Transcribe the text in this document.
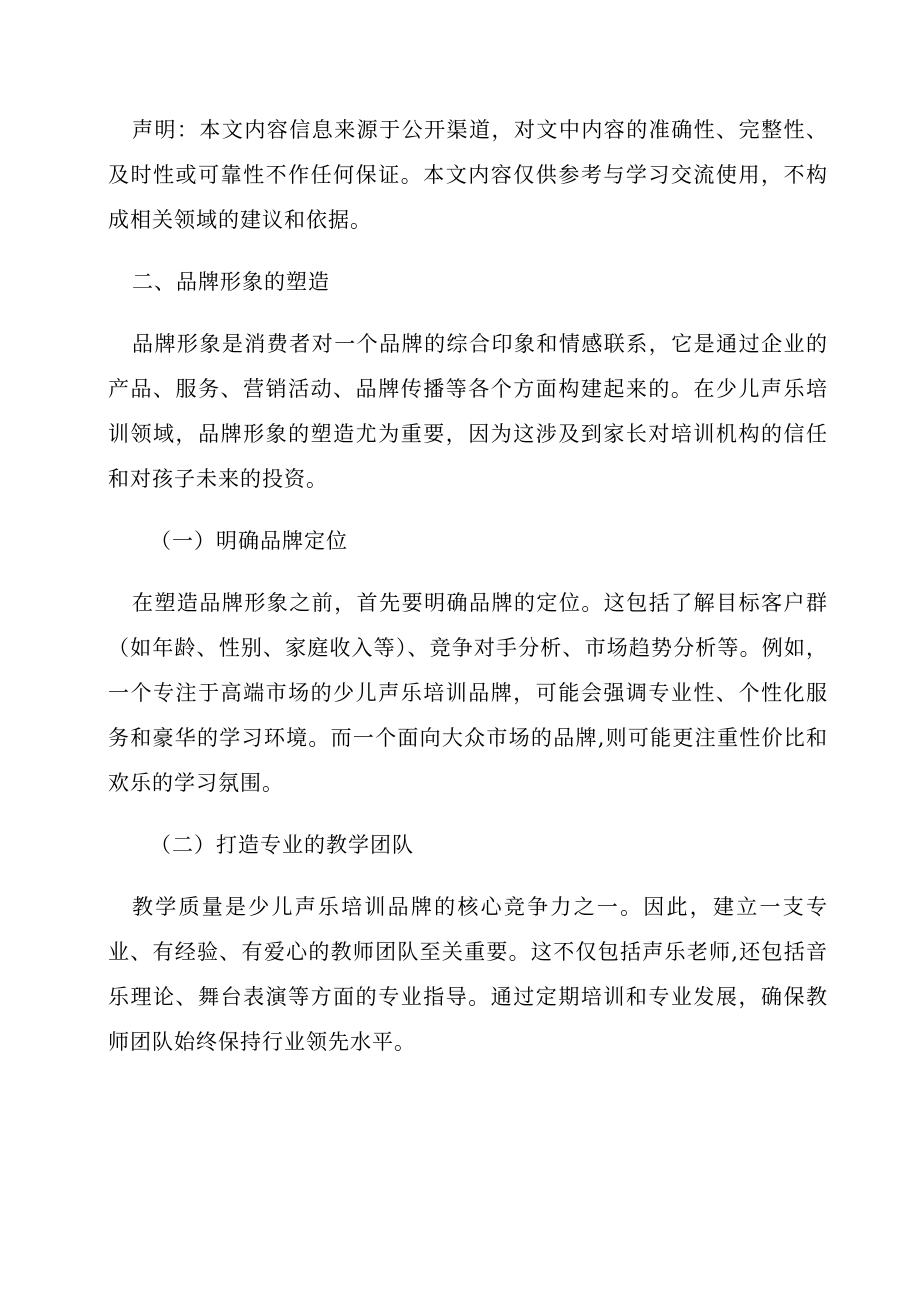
声明：本文内容信息来源于公开渠道，对文中内容的准确性、完整性、及时性或可靠性不作任何保证。本文内容仅供参考与学习交流使用，不构成相关领域的建议和依据。

二、品牌形象的塑造

品牌形象是消费者对一个品牌的综合印象和情感联系，它是通过企业的产品、服务、营销活动、品牌传播等各个方面构建起来的。在少儿声乐培训领域，品牌形象的塑造尤为重要，因为这涉及到家长对培训机构的信任和对孩子未来的投资。

（一）明确品牌定位

在塑造品牌形象之前，首先要明确品牌的定位。这包括了解目标客户群（如年龄、性别、家庭收入等）、竞争对手分析、市场趋势分析等。例如，一个专注于高端市场的少儿声乐培训品牌，可能会强调专业性、个性化服务和豪华的学习环境。而一个面向大众市场的品牌,则可能更注重性价比和欢乐的学习氛围。

（二）打造专业的教学团队

教学质量是少儿声乐培训品牌的核心竞争力之一。因此，建立一支专业、有经验、有爱心的教师团队至关重要。这不仅包括声乐老师,还包括音乐理论、舞台表演等方面的专业指导。通过定期培训和专业发展，确保教师团队始终保持行业领先水平。
